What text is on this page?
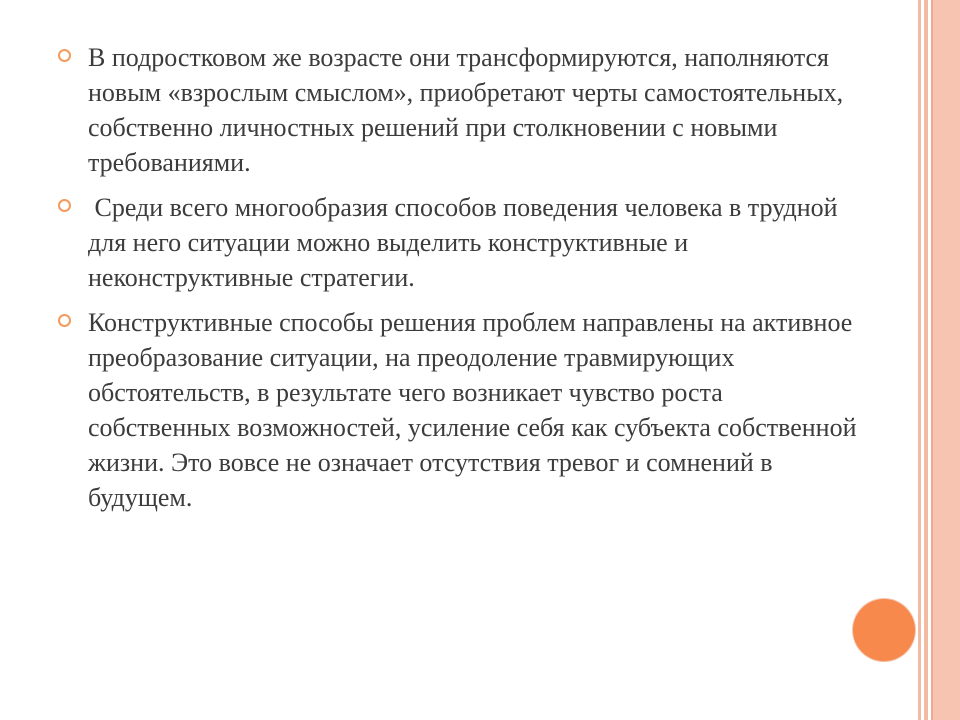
В подростковом же возрасте они трансформируются, наполняются новым «взрослым смыслом», приобретают черты самостоятельных, собственно личностных решений при столкновении с новыми требованиями.
Среди всего многообразия способов поведения человека в трудной для него ситуации можно выделить конструктивные и неконструктивные стратегии.
Конструктивные способы решения проблем направлены на активное преобразование ситуации, на преодоление травмирующих обстоятельств, в результате чего возникает чувство роста собственных возможностей, усиление себя как субъекта собственной жизни. Это вовсе не означает отсутствия тревог и сомнений в будущем.
